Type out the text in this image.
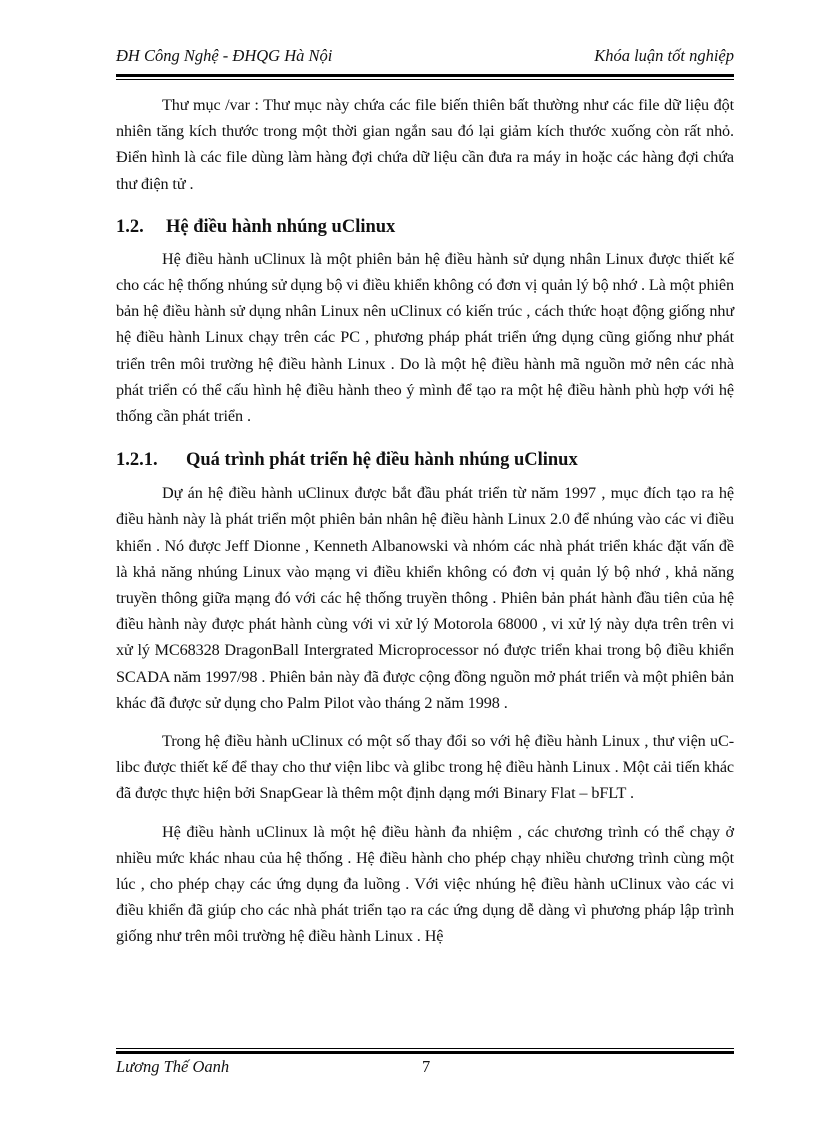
ĐH Công Nghệ - ĐHQG Hà Nội	Khóa luận tốt nghiệp

Thư mục /var : Thư mục này chứa các file biến thiên bất thường như các file dữ liệu đột nhiên tăng kích thước trong một thời gian ngắn sau đó lại giảm kích thước xuống còn rất nhỏ. Điển hình là các file dùng làm hàng đợi chứa dữ liệu cần đưa ra máy in hoặc các hàng đợi chứa thư điện tử .

1.2. Hệ điều hành nhúng uClinux

Hệ điều hành uClinux là một phiên bản hệ điều hành sử dụng nhân Linux được thiết kế cho các hệ thống nhúng sử dụng bộ vi điều khiển không có đơn vị quản lý bộ nhớ . Là một phiên bản hệ điều hành sử dụng nhân Linux nên uClinux có kiến trúc , cách thức hoạt động giống như hệ điều hành Linux chạy trên các PC , phương pháp phát triển ứng dụng cũng giống như phát triển trên môi trường hệ điều hành Linux . Do là một hệ điều hành mã nguồn mở nên các nhà phát triển có thể cấu hình hệ điều hành theo ý mình để tạo ra một hệ điều hành phù hợp với hệ thống cần phát triển .

1.2.1. Quá trình phát triển hệ điều hành nhúng uClinux

Dự án hệ điều hành uClinux được bắt đầu phát triển từ năm 1997 , mục đích tạo ra hệ điều hành này là phát triển một phiên bản nhân hệ điều hành Linux 2.0 để nhúng vào các vi điều khiển . Nó được Jeff Dionne , Kenneth Albanowski và nhóm các nhà phát triển khác đặt vấn đề là khả năng nhúng Linux vào mạng vi điều khiển không có đơn vị quản lý bộ nhớ , khả năng truyền thông giữa mạng đó với các hệ thống truyền thông . Phiên bản phát hành đầu tiên của hệ điều hành này được phát hành cùng với vi xử lý Motorola 68000 , vi xử lý này dựa trên trên vi xử lý MC68328 DragonBall Intergrated Microprocessor nó được triển khai trong bộ điều khiển SCADA năm 1997/98 . Phiên bản này đã được cộng đồng nguồn mở phát triển và một phiên bản khác đã được sử dụng cho Palm Pilot vào tháng 2 năm 1998 .

Trong hệ điều hành uClinux có một số thay đổi so với hệ điều hành Linux , thư viện uC-libc được thiết kế để thay cho thư viện libc và glibc trong hệ điều hành Linux . Một cải tiến khác đã được thực hiện bởi SnapGear là thêm một định dạng mới Binary Flat – bFLT .

Hệ điều hành uClinux là một hệ điều hành đa nhiệm , các chương trình có thể chạy ở nhiều mức khác nhau của hệ thống . Hệ điều hành cho phép chạy nhiều chương trình cùng một lúc , cho phép chạy các ứng dụng đa luồng . Với việc nhúng hệ điều hành uClinux vào các vi điều khiển đã giúp cho các nhà phát triển tạo ra các ứng dụng dễ dàng vì phương pháp lập trình giống như trên môi trường hệ điều hành Linux . Hệ

Lương Thế Oanh	7
